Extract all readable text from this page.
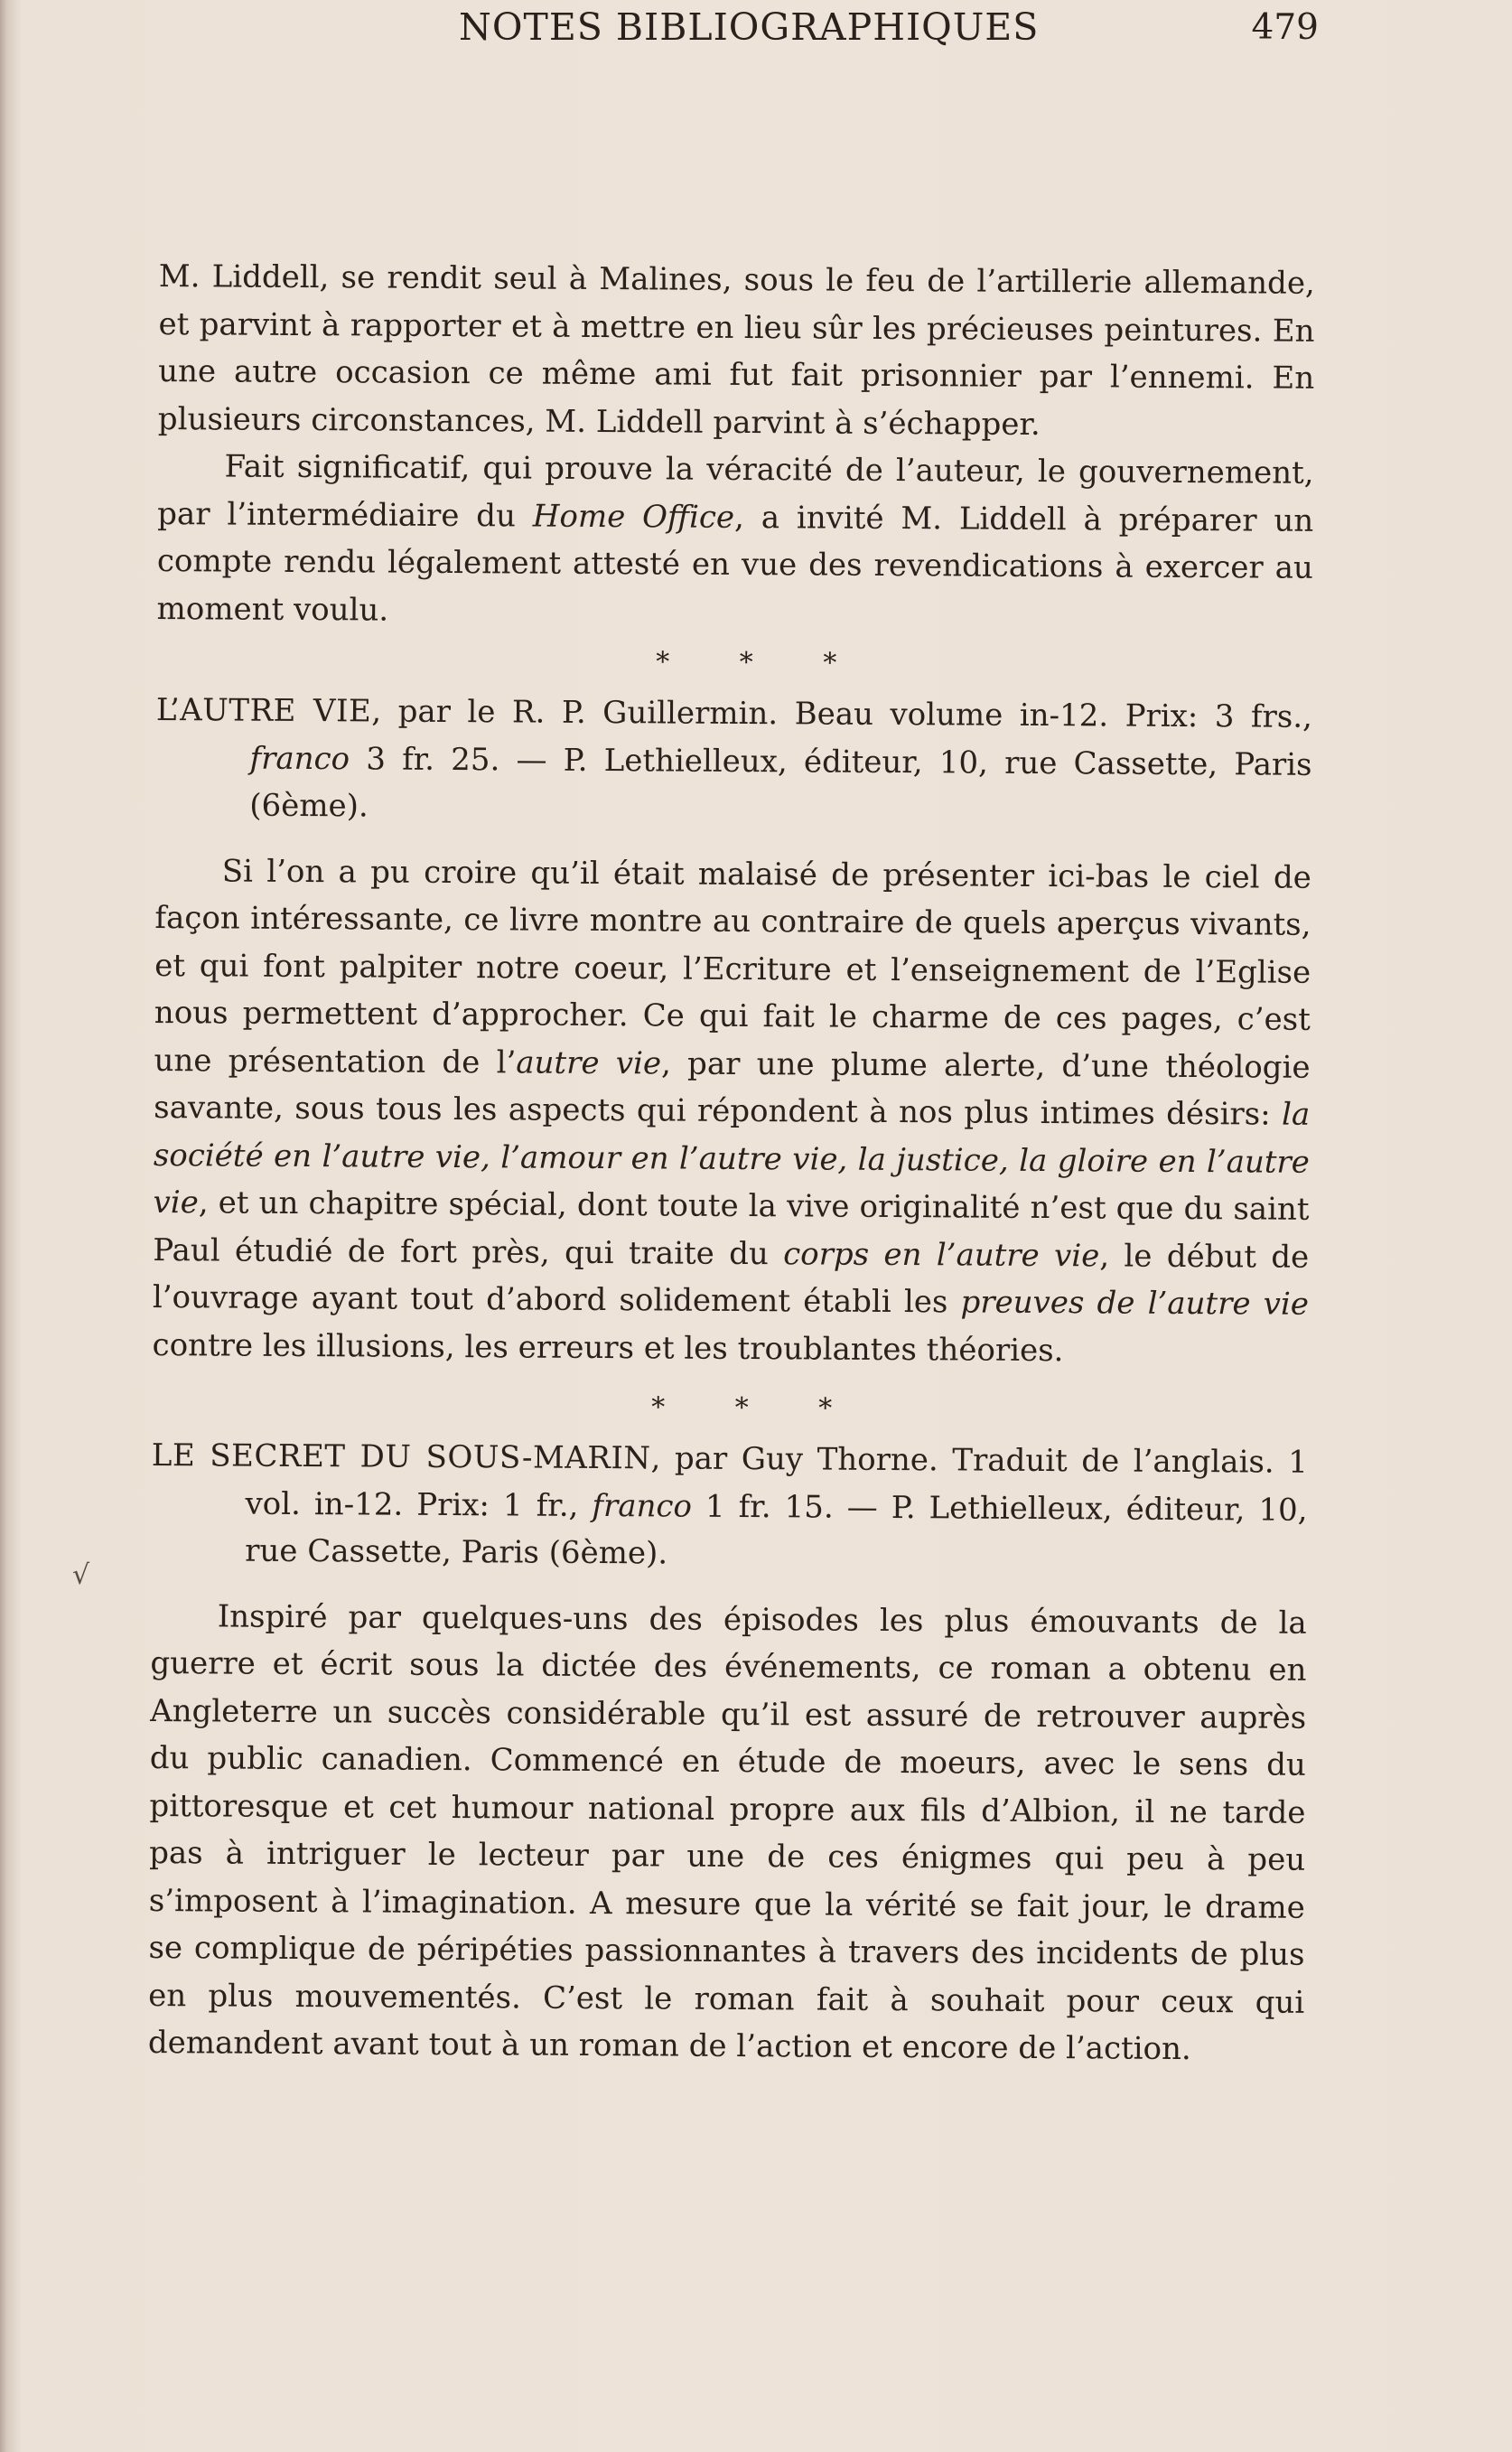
NOTES BIBLIOGRAPHIQUES	479
√

M. Liddell, se rendit seul à Malines, sous le feu de l’artillerie allemande, et parvint à rapporter et à mettre en lieu sûr les précieuses peintures. En une autre occasion ce même ami fut fait prisonnier par l’ennemi. En plusieurs circonstances, M. Liddell parvint à s’échapper.

Fait significatif, qui prouve la véracité de l’auteur, le gouvernement, par l’intermédiaire du Home Office, a invité M. Liddell à préparer un compte rendu légalement attesté en vue des revendications à exercer au moment voulu.

* * *
L’AUTRE VIE, par le R. P. Guillermin. Beau volume in-12. Prix: 3 frs., franco 3 fr. 25. — P. Lethielleux, éditeur, 10, rue Cassette, Paris (6ème).

Si l’on a pu croire qu’il était malaisé de présenter ici-bas le ciel de façon intéressante, ce livre montre au contraire de quels aperçus vivants, et qui font palpiter notre coeur, l’Ecriture et l’enseignement de l’Eglise nous permettent d’approcher. Ce qui fait le charme de ces pages, c’est une présentation de l’autre vie, par une plume alerte, d’une théologie savante, sous tous les aspects qui répondent à nos plus intimes désirs: la société en l’autre vie, l’amour en l’autre vie, la justice, la gloire en l’autre vie, et un chapitre spécial, dont toute la vive originalité n’est que du saint Paul étudié de fort près, qui traite du corps en l’autre vie, le début de l’ouvrage ayant tout d’abord solidement établi les preuves de l’autre vie contre les illusions, les erreurs et les troublantes théories.

* * *
LE SECRET DU SOUS-MARIN, par Guy Thorne. Traduit de l’anglais. 1 vol. in-12. Prix: 1 fr., franco 1 fr. 15. — P. Lethielleux, éditeur, 10, rue Cassette, Paris (6ème).

Inspiré par quelques-uns des épisodes les plus émouvants de la guerre et écrit sous la dictée des événements, ce roman a obtenu en Angleterre un succès considérable qu’il est assuré de retrouver auprès du public canadien. Commencé en étude de moeurs, avec le sens du pittoresque et cet humour national propre aux fils d’Albion, il ne tarde pas à intriguer le lecteur par une de ces énigmes qui peu à peu s’imposent à l’imagination. A mesure que la vérité se fait jour, le drame se complique de péripéties passionnantes à travers des incidents de plus en plus mouvementés. C’est le roman fait à souhait pour ceux qui demandent avant tout à un roman de l’action et encore de l’action.
